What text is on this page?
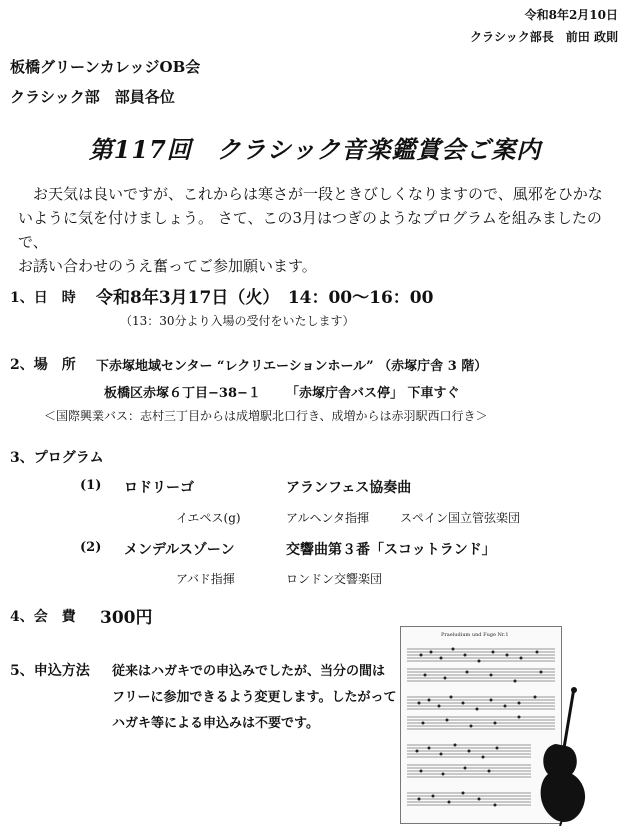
令和8年2月10日
クラシック部長　前田 政則
板橋グリーンカレッジOB会
クラシック部　部員各位
第117回　クラシック音楽鑑賞会ご案内

お天気は良いですが、これからは寒さが一段ときびしくなりますので、風邪をひかな

いように気を付けましょう。 さて、この3月はつぎのようなプログラムを組みましたので、

お誘い合わせのうえ奮ってご参加願います。

1、日　時 令和8年3月17日（火）　14：00～16：00
（13：30分より入場の受付をいたします）
2、場　所 下赤塚地域センター “レクリエーションホール” （赤塚庁舎 3 階）
板橋区赤塚６丁目−38−１ 「赤塚庁舎バス停」 下車すぐ
＜国際興業バス：志村三丁目からは成増駅北口行き、成増からは赤羽駅西口行き＞
3、プログラム
(1) ロドリーゴ	アランフェス協奏曲
イエペス(g)	アルヘンタ指揮	スペイン国立管弦楽団
(2) メンデルスゾーン	交響曲第３番「スコットランド」
アバド指揮	ロンドン交響楽団
4、会　費 300円
5、申込方法 従来はハガキでの申込みでしたが、当分の間は
フリーに参加できるよう変更します。したがって
ハガキ等による申込みは不要です。
Praeludium und Fuge Nr.1
